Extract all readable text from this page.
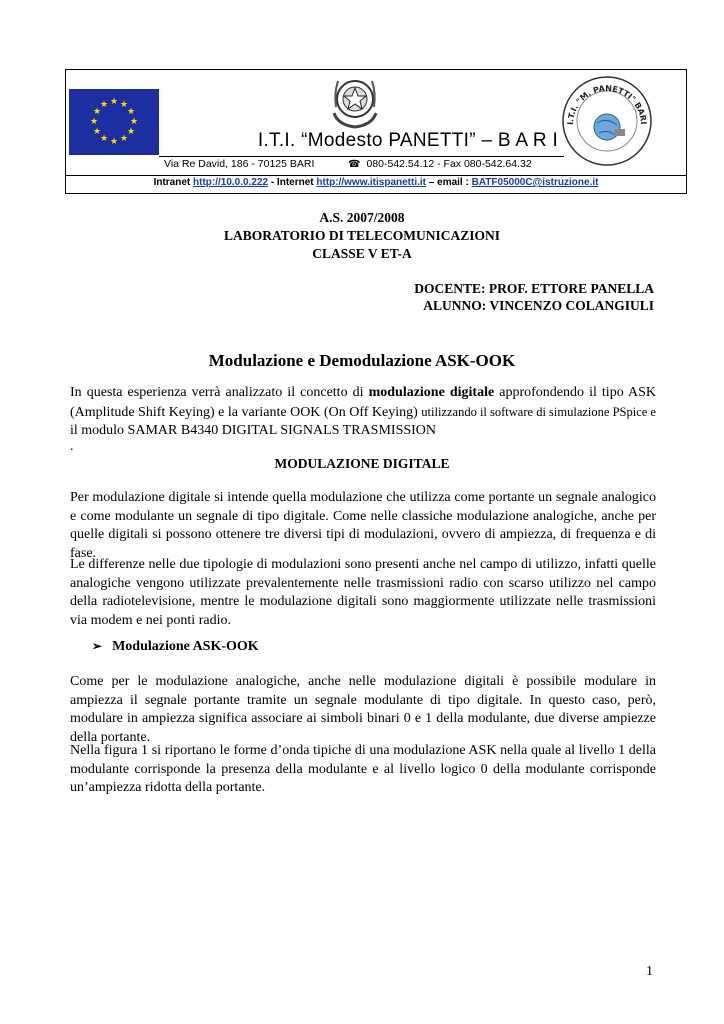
★ ★
★
★
★
★
★
★
★
★
★
★
I.T.I. “Modesto PANETTI” – B A R I
Via Re David, 186 - 70125 BARI	☎ 080-542.54.12 - Fax 080-542.64.32
I.T.I. "M. PANETTI" BARI
Intranet http://10.0.0.222 - Internet http://www.itispanetti.it – email : BATF05000C@istruzione.it
A.S. 2007/2008
LABORATORIO DI TELECOMUNICAZIONI
CLASSE V ET-A
DOCENTE: PROF. ETTORE PANELLA
ALUNNO: VINCENZO COLANGIULI
Modulazione e Demodulazione ASK-OOK
In questa esperienza verrà analizzato il concetto di modulazione digitale approfondendo il tipo ASK (Amplitude Shift Keying) e la variante OOK (On Off Keying) utilizzando il software di simulazione PSpice e il modulo SAMAR B4340 DIGITAL SIGNALS TRASMISSION
.
MODULAZIONE DIGITALE
Per modulazione digitale si intende quella modulazione che utilizza come portante un segnale analogico e come modulante un segnale di tipo digitale. Come nelle classiche modulazione analogiche, anche per quelle digitali si possono ottenere tre diversi tipi di modulazioni, ovvero di ampiezza, di frequenza e di fase.
Le differenze nelle due tipologie di modulazioni sono presenti anche nel campo di utilizzo, infatti quelle analogiche vengono utilizzate prevalentemente nelle trasmissioni radio con scarso utilizzo nel campo della radiotelevisione, mentre le modulazione digitali sono maggiormente utilizzate nelle trasmissioni via modem e nei ponti radio.
➢ Modulazione ASK-OOK
Come per le modulazione analogiche, anche nelle modulazione digitali è possibile modulare in ampiezza il segnale portante tramite un segnale modulante di tipo digitale. In questo caso, però, modulare in ampiezza significa associare ai simboli binari 0 e 1 della modulante, due diverse ampiezze della portante.
Nella figura 1 si riportano le forme d’onda tipiche di una modulazione ASK nella quale al livello 1 della modulante corrisponde la presenza della modulante e al livello logico 0 della modulante corrisponde un’ampiezza ridotta della portante.
1
